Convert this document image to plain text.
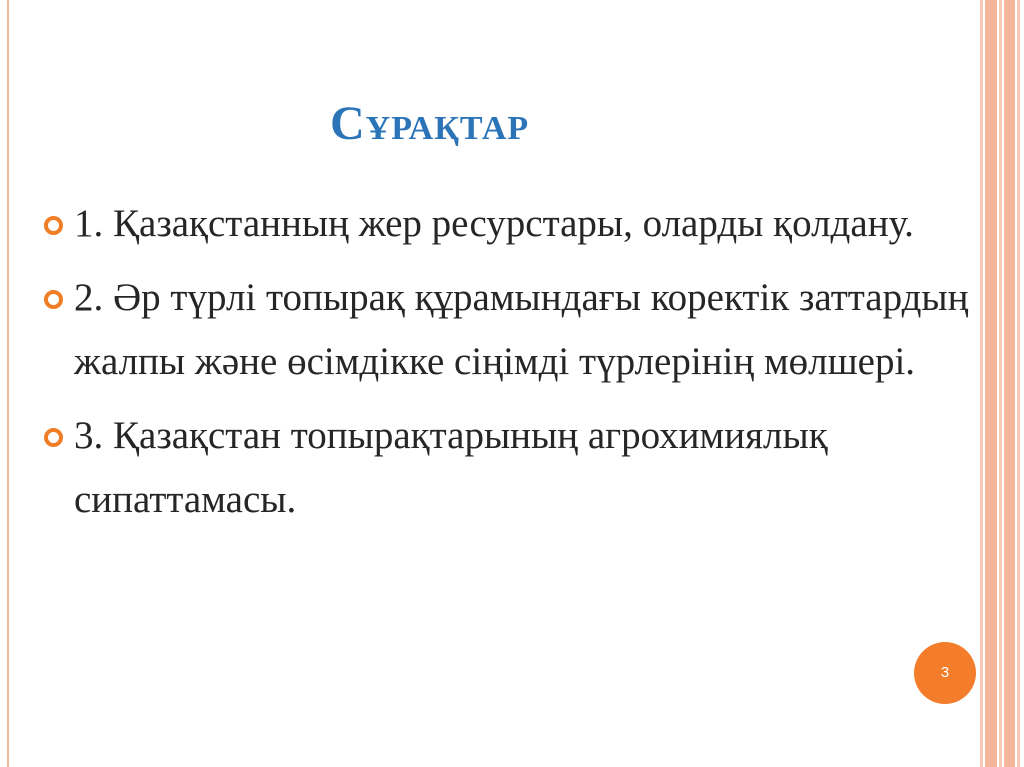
Сұрақтар
1. Қазақстанның жер ресурстары, оларды қолдану.
2. Әр түрлі топырақ құрамындағы коректік заттардың жалпы және өсімдікке сіңімді түрлерінің мөлшері.
3. Қазақстан топырақтарының агрохимиялық сипаттамасы.
3
